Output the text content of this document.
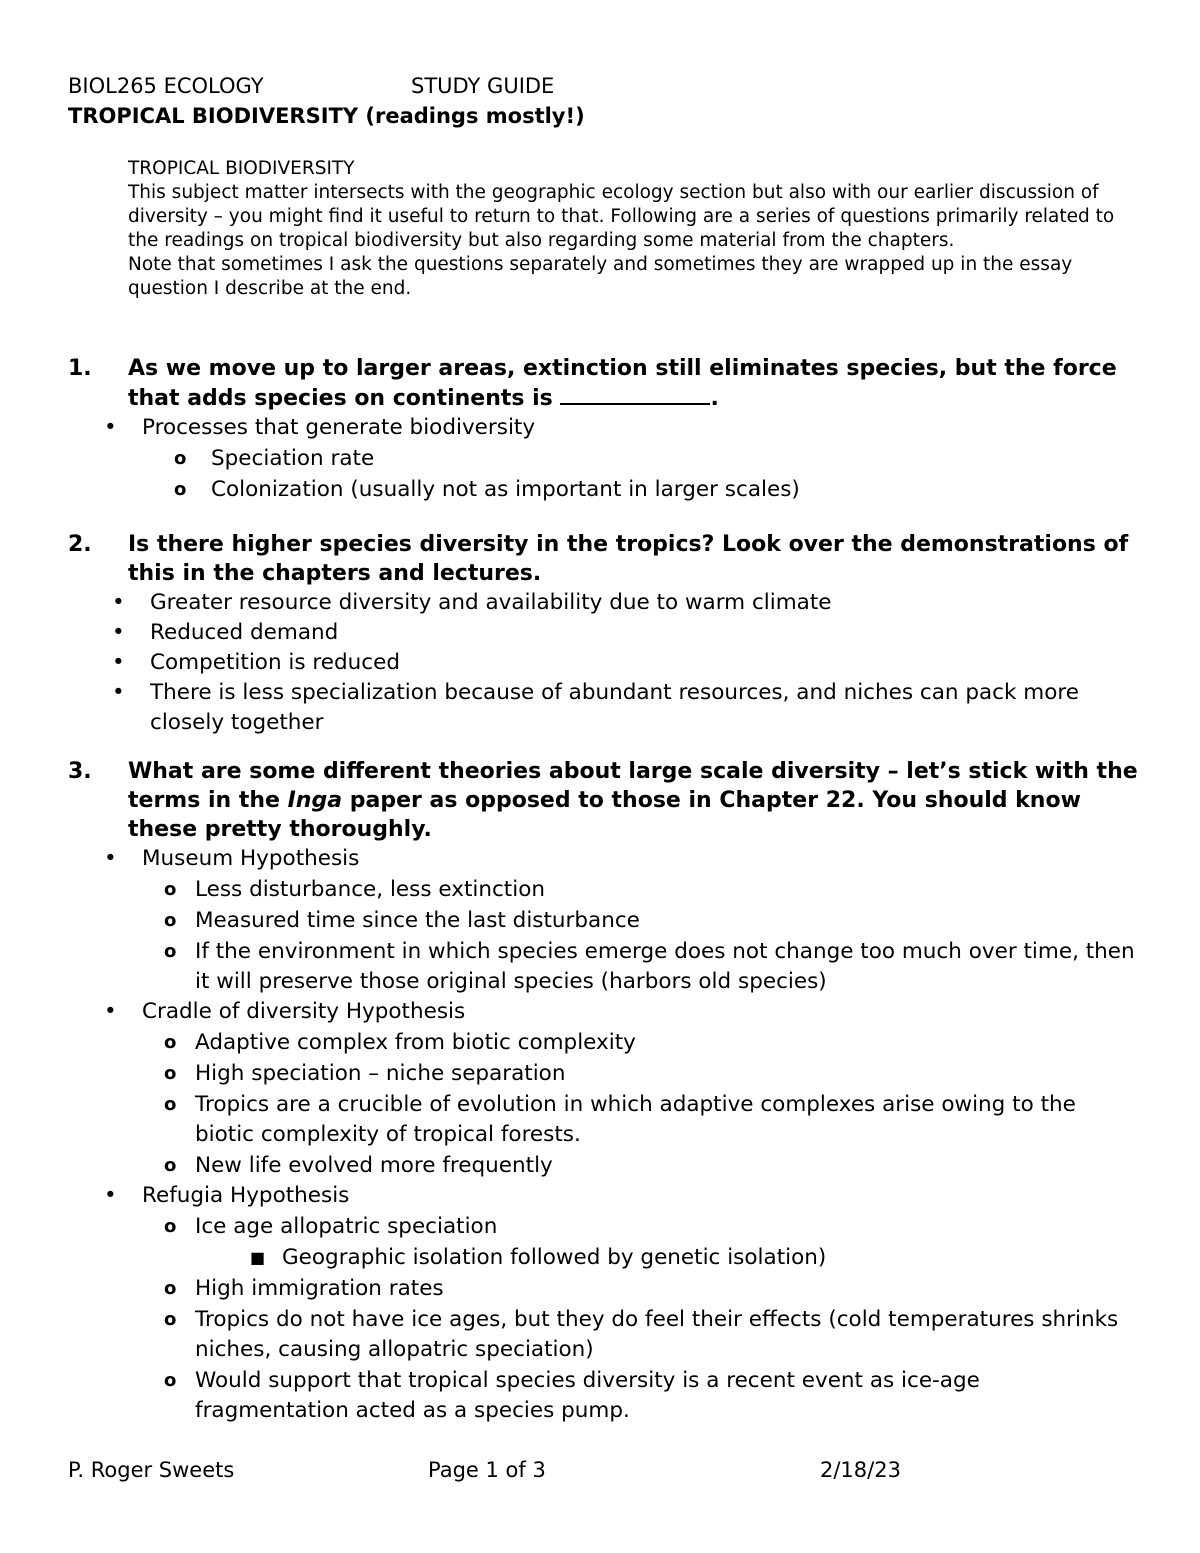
BIOL265 ECOLOGY	STUDY GUIDE
TROPICAL BIODIVERSITY (readings mostly!)

TROPICAL BIODIVERSITY

This subject matter intersects with the geographic ecology section but also with our earlier discussion of diversity – you might find it useful to return to that. Following are a series of questions primarily related to the readings on tropical biodiversity but also regarding some material from the chapters.

Note that sometimes I ask the questions separately and sometimes they are wrapped up in the essay question I describe at the end.

1. As we move up to larger areas, extinction still eliminates species, but the force that adds species on continents is	.
• Processes that generate biodiversity
o Speciation rate
o Colonization (usually not as important in larger scales)
2. Is there higher species diversity in the tropics? Look over the demonstrations of this in the chapters and lectures.
• Greater resource diversity and availability due to warm climate
• Reduced demand
• Competition is reduced
• There is less specialization because of abundant resources, and niches can pack more closely together
3. What are some different theories about large scale diversity – let’s stick with the terms in the Inga paper as opposed to those in Chapter 22. You should know these pretty thoroughly.
• Museum Hypothesis
o Less disturbance, less extinction
o Measured time since the last disturbance
o If the environment in which species emerge does not change too much over time, then it will preserve those original species (harbors old species)
• Cradle of diversity Hypothesis
o Adaptive complex from biotic complexity
o High speciation – niche separation
o Tropics are a crucible of evolution in which adaptive complexes arise owing to the biotic complexity of tropical forests.
o New life evolved more frequently
• Refugia Hypothesis
o Ice age allopatric speciation
■ Geographic isolation followed by genetic isolation)
o High immigration rates
o Tropics do not have ice ages, but they do feel their effects (cold temperatures shrinks niches, causing allopatric speciation)
o Would support that tropical species diversity is a recent event as ice-age fragmentation acted as a species pump.
P. Roger Sweets	Page 1 of 3	2/18/23
